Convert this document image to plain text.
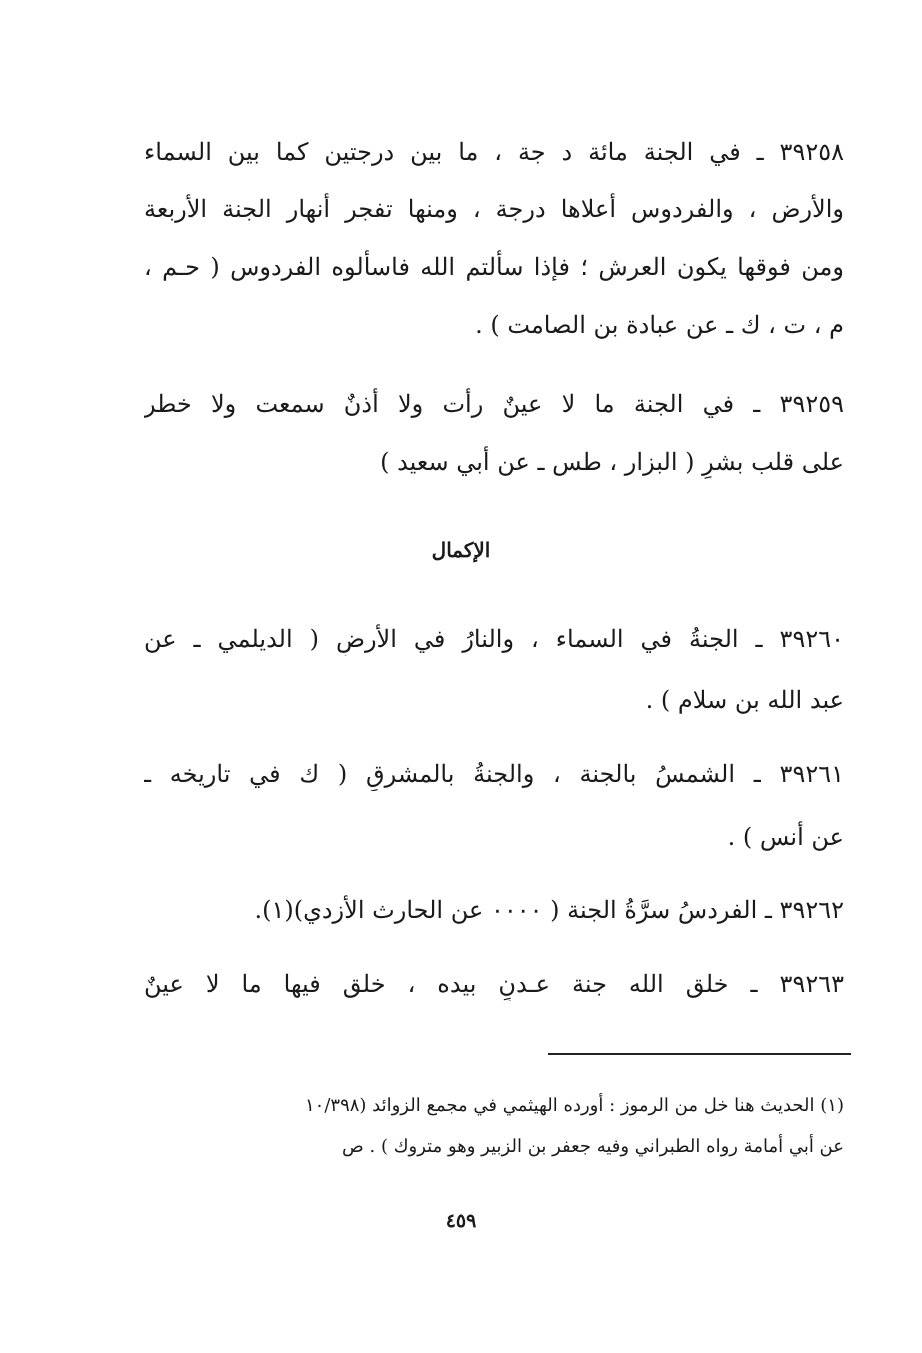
٣٩٢٥٨ ـ في الجنة مائة د جة ، ما بين درجتين كما بين السماء
والأرض ، والفردوس أعلاها درجة ، ومنها تفجر أنهار الجنة الأربعة
ومن فوقها يكون العرش ؛ فإذا سألتم الله فاسألوه الفردوس ( حـم ،
م ، ت ، ك ـ عن عبادة بن الصامت ) .
٣٩٢٥٩ ـ في الجنة ما لا عينٌ رأت ولا أذنٌ سمعت ولا خطر
على قلب بشرٍ ( البزار ، طس ـ عن أبي سعيد )
الإكمال
٣٩٢٦٠ ـ الجنةُ في السماء ، والنارُ في الأرضِ ( الديلمي ـ عن
عبد الله بن سلام ) .
٣٩٢٦١ ـ الشمسُ بالجنة ، والجنةُ بالمشرقِ ( ك في تاريخه ـ
عن أنس ) .
٣٩٢٦٢ ـ الفردسُ سرَّةُ الجنة ( ٠٠٠٠ عن الحارث الأزدي)(١).
٣٩٢٦٣ ـ خلق الله جنة عـدنٍ بيده ، خلق فيها ما لا عينٌ
(١) الحديث هنا خل من الرموز : أورده الهيثمي في مجمع الزوائد (١٠/٣٩٨
عن أبي أمامة رواه الطبراني وفيه جعفر بن الزبير وهو متروك ) . ص
٤٥٩
